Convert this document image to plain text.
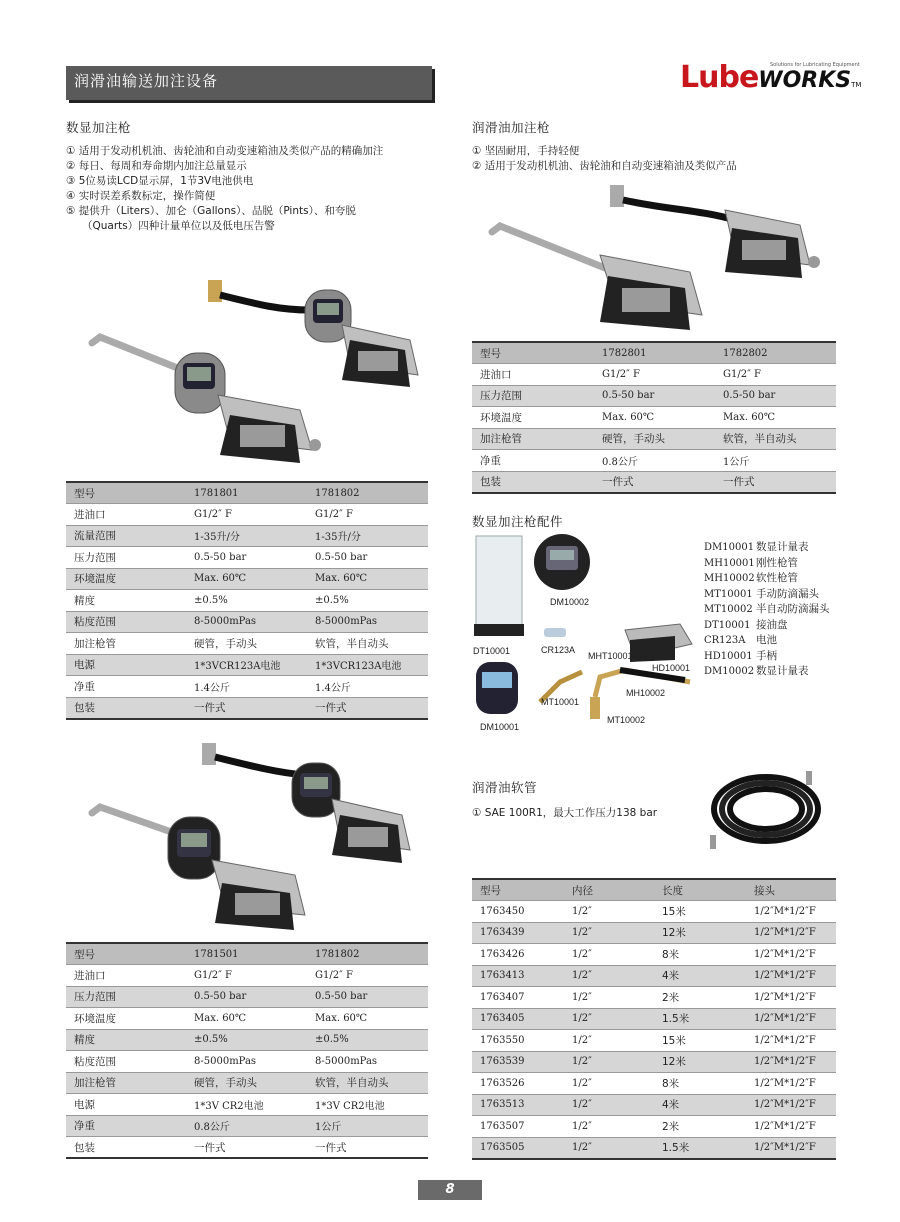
润滑油输送加注设备
Solutions for Lubricating Equipment
LubeWORKSTM
数显加注枪
① 适用于发动机机油、齿轮油和自动变速箱油及类似产品的精确加注
② 每日、每周和寿命期内加注总量显示
③ 5位易读LCD显示屏，1节3V电池供电
④ 实时误差系数标定，操作简便
⑤ 提供升（Liters）、加仑（Gallons）、品脱（Pints）、和夸脱
（Quarts）四种计量单位以及低电压告警
型号	1781801	1781802
进油口	G1/2″ F	G1/2″ F
流量范围	1-35升/分	1-35升/分
压力范围	0.5-50 bar	0.5-50 bar
环境温度	Max. 60℃	Max. 60℃
精度	±0.5%	±0.5%
粘度范围	8-5000mPas	8-5000mPas
加注枪管	硬管，手动头	软管，半自动头
电源	1*3VCR123A电池	1*3VCR123A电池
净重	1.4公斤	1.4公斤
包装	一件式	一件式
型号	1781501	1781802
进油口	G1/2″ F	G1/2″ F
压力范围	0.5-50 bar	0.5-50 bar
环境温度	Max. 60℃	Max. 60℃
精度	±0.5%	±0.5%
粘度范围	8-5000mPas	8-5000mPas
加注枪管	硬管，手动头	软管，半自动头
电源	1*3V CR2电池	1*3V CR2电池
净重	0.8公斤	1公斤
包装	一件式	一件式
润滑油加注枪
① 坚固耐用，手持轻便
② 适用于发动机机油、齿轮油和自动变速箱油及类似产品
型号	1782801	1782802
进油口	G1/2″ F	G1/2″ F
压力范围	0.5-50 bar	0.5-50 bar
环境温度	Max. 60℃	Max. 60℃
加注枪管	硬管，手动头	软管，半自动头
净重	0.8公斤	1公斤
包装	一件式	一件式
数显加注枪配件
DM10002
DT10001	CR123A
MHT10001
HD10001
MH10002
MT10001
MT10002
DM10001
DM10001 数显计量表
MH10001刚性枪管
MH10002软性枪管
MT10001 手动防滴漏头
MT10002 半自动防滴漏头
DT10001 接油盘
CR123A 电池
HD10001 手柄
DM10002 数显计量表
润滑油软管
① SAE 100R1，最大工作压力138 bar
型号	内径	长度	接头
1763450	1/2″	15米	1/2″M*1/2″F
1763439	1/2″	12米	1/2″M*1/2″F
1763426	1/2″	8米	1/2″M*1/2″F
1763413	1/2″	4米	1/2″M*1/2″F
1763407	1/2″	2米	1/2″M*1/2″F
1763405	1/2″	1.5米	1/2″M*1/2″F
1763550	1/2″	15米	1/2″M*1/2″F
1763539	1/2″	12米	1/2″M*1/2″F
1763526	1/2″	8米	1/2″M*1/2″F
1763513	1/2″	4米	1/2″M*1/2″F
1763507	1/2″	2米	1/2″M*1/2″F
1763505	1/2″	1.5米	1/2″M*1/2″F
8
